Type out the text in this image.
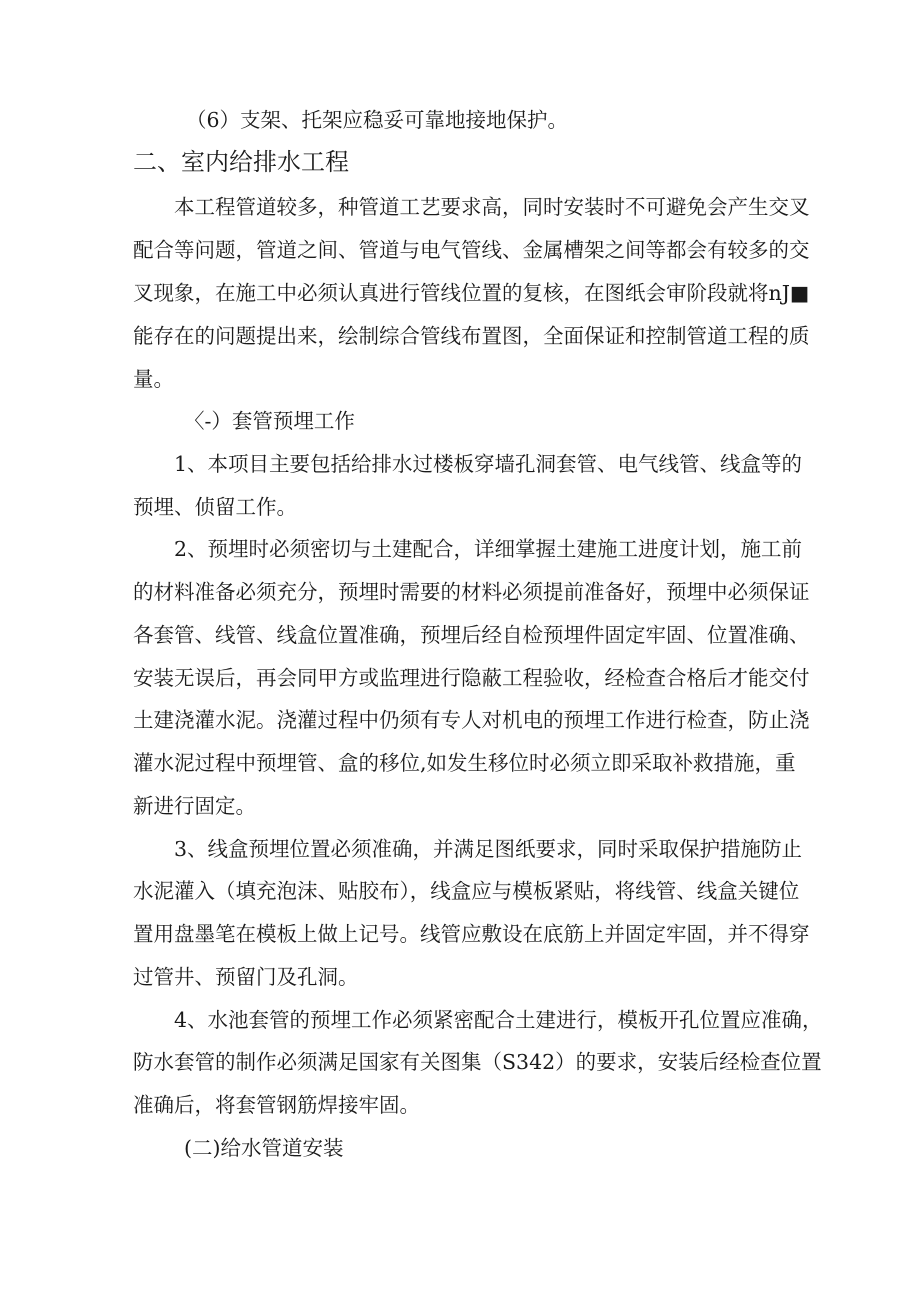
（6）支架、托架应稳妥可靠地接地保护。
二、室内给排水工程
本工程管道较多，种管道工艺要求高，同时安装时不可避免会产生交叉
配合等问题，管道之间、管道与电气管线、金属槽架之间等都会有较多的交
叉现象，在施工中必须认真进行管线位置的复核，在图纸会审阶段就将nJ■
能存在的问题提出来，绘制综合管线布置图，全面保证和控制管道工程的质
量。
〈-）套管预埋工作
1、本项目主要包括给排水过楼板穿墙孔洞套管、电气线管、线盒等的
预埋、侦留工作。
2、预埋时必须密切与土建配合，详细掌握土建施工进度计划，施工前
的材料准备必须充分，预埋时需要的材料必须提前准备好，预埋中必须保证
各套管、线管、线盒位置准确，预埋后经自检预埋件固定牢固、位置准确、
安装无误后，再会同甲方或监理进行隐蔽工程验收，经检查合格后才能交付
土建浇灌水泥。浇灌过程中仍须有专人对机电的预埋工作进行检查，防止浇
灌水泥过程中预埋管、盒的移位,如发生移位时必须立即采取补救措施，重
新进行固定。
3、线盒预埋位置必须准确，并满足图纸要求，同时采取保护措施防止
水泥灌入（填充泡沫、贴胶布），线盒应与模板紧贴，将线管、线盒关键位
置用盘墨笔在模板上做上记号。线管应敷设在底筋上并固定牢固，并不得穿
过管井、预留门及孔洞。
4、水池套管的预埋工作必须紧密配合土建进行，模板开孔位置应准确，
防水套管的制作必须满足国家有关图集（S342）的要求，安装后经检查位置
准确后，将套管钢筋焊接牢固。
(二)给水管道安装
